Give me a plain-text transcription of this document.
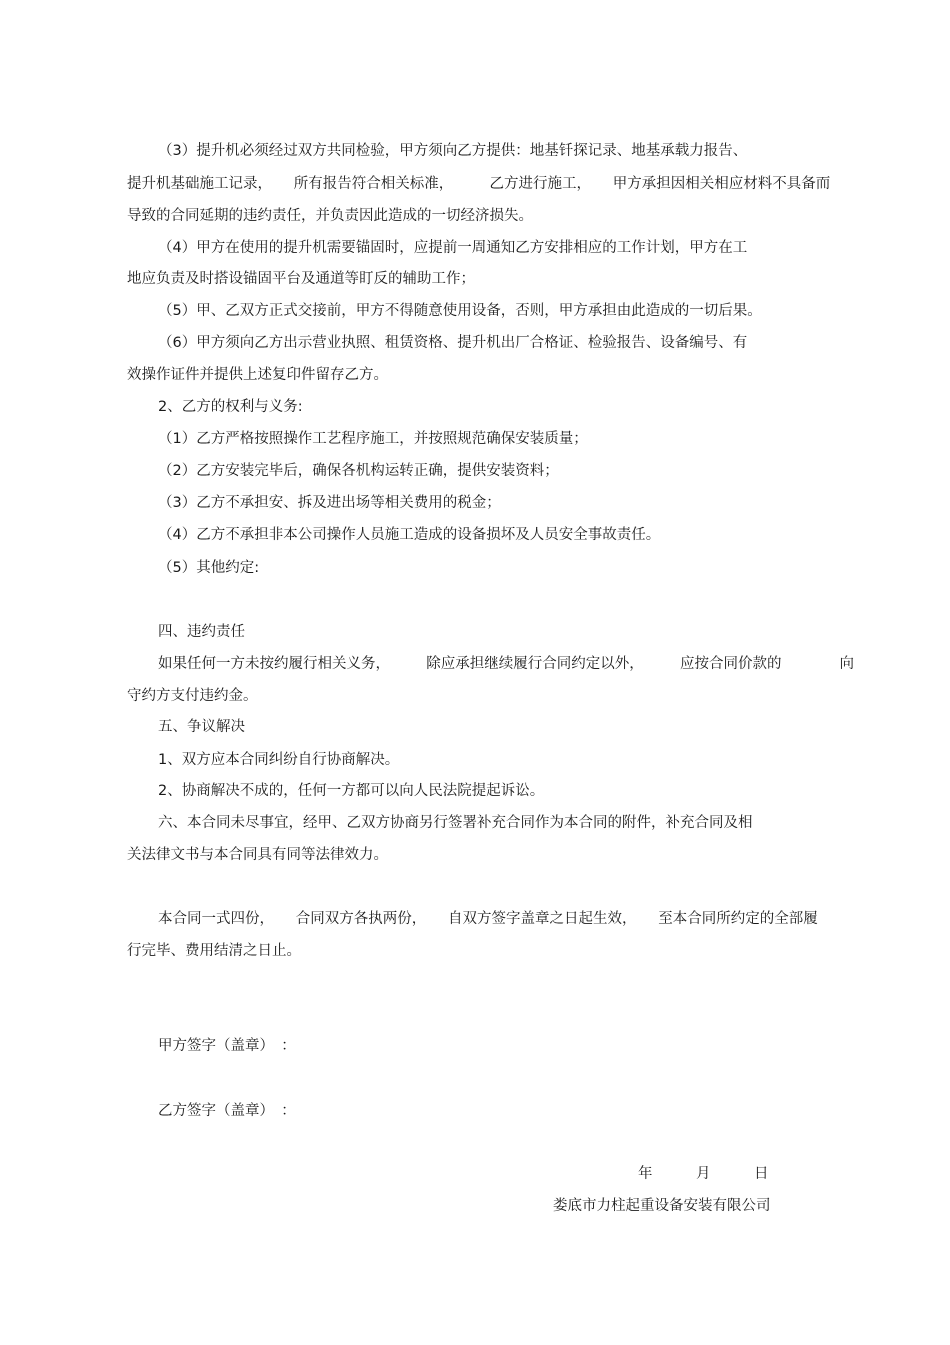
（3）提升机必须经过双方共同检验，甲方须向乙方提供：地基钎探记录、地基承载力报告、
提升机基础施工记录，　　所有报告符合相关标准，　　　乙方进行施工，　　甲方承担因相关相应材料不具备而
导致的合同延期的违约责任，并负责因此造成的一切经济损失。
（4）甲方在使用的提升机需要锚固时，应提前一周通知乙方安排相应的工作计划，甲方在工
地应负责及时搭设锚固平台及通道等盯反的辅助工作；
（5）甲、乙双方正式交接前，甲方不得随意使用设备，否则，甲方承担由此造成的一切后果。
（6）甲方须向乙方出示营业执照、租赁资格、提升机出厂合格证、检验报告、设备编号、有
效操作证件并提供上述复印件留存乙方。
2、乙方的权利与义务:
（1）乙方严格按照操作工艺程序施工，并按照规范确保安装质量；
（2）乙方安装完毕后，确保各机构运转正确，提供安装资料；
（3）乙方不承担安、拆及进出场等相关费用的税金；
（4）乙方不承担非本公司操作人员施工造成的设备损坏及人员安全事故责任。
（5）其他约定:
四、违约责任
如果任何一方未按约履行相关义务，　　　除应承担继续履行合同约定以外，　　　应按合同价款的　　　　向
守约方支付违约金。
五、争议解决
1、双方应本合同纠纷自行协商解决。
2、协商解决不成的，任何一方都可以向人民法院提起诉讼。
六、本合同未尽事宜，经甲、乙双方协商另行签署补充合同作为本合同的附件，补充合同及相
关法律文书与本合同具有同等法律效力。
本合同一式四份，　　合同双方各执两份，　　自双方签字盖章之日起生效，　　至本合同所约定的全部履
行完毕、费用结清之日止。
甲方签字（盖章）　：
乙方签字（盖章）　：
年　　　月　　　日
娄底市力柱起重设备安装有限公司
